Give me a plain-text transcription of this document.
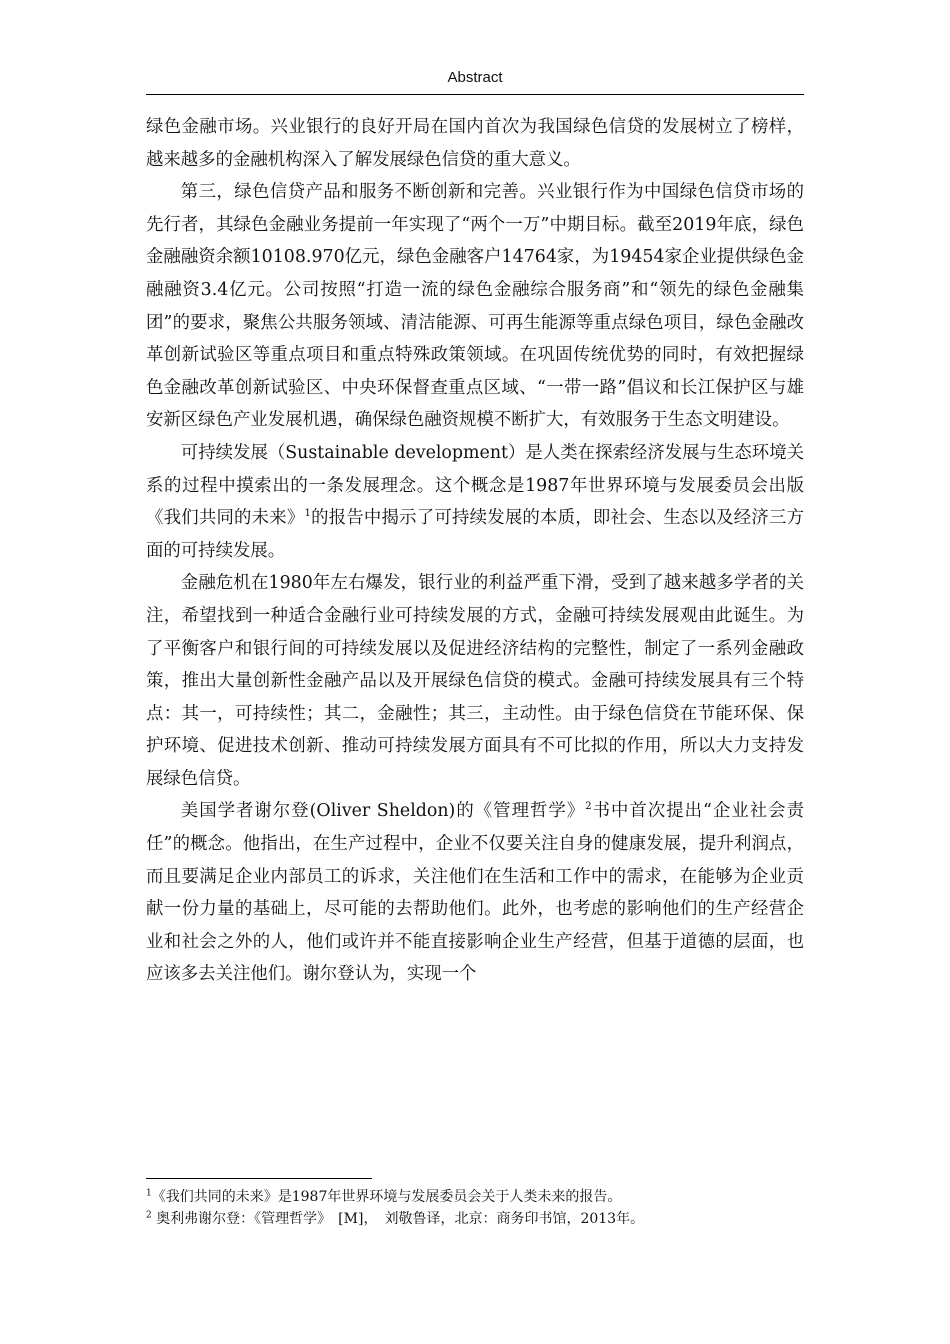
Abstract

绿色金融市场。兴业银行的良好开局在国内首次为我国绿色信贷的发展树立了榜样，越来越多的金融机构深入了解发展绿色信贷的重大意义。

第三，绿色信贷产品和服务不断创新和完善。兴业银行作为中国绿色信贷市场的先行者，其绿色金融业务提前一年实现了“两个一万”中期目标。截至2019年底，绿色金融融资余额10108.970亿元，绿色金融客户14764家，为19454家企业提供绿色金融融资3.4亿元。公司按照“打造一流的绿色金融综合服务商”和“领先的绿色金融集团”的要求，聚焦公共服务领域、清洁能源、可再生能源等重点绿色项目，绿色金融改革创新试验区等重点项目和重点特殊政策领域。在巩固传统优势的同时，有效把握绿色金融改革创新试验区、中央环保督查重点区域、“一带一路”倡议和长江保护区与雄安新区绿色产业发展机遇，确保绿色融资规模不断扩大，有效服务于生态文明建设。

可持续发展（Sustainable development）是人类在探索经济发展与生态环境关系的过程中摸索出的一条发展理念。这个概念是1987年世界环境与发展委员会出版《我们共同的未来》$^1$的报告中揭示了可持续发展的本质，即社会、生态以及经济三方面的可持续发展。

金融危机在1980年左右爆发，银行业的利益严重下滑，受到了越来越多学者的关注，希望找到一种适合金融行业可持续发展的方式，金融可持续发展观由此诞生。为了平衡客户和银行间的可持续发展以及促进经济结构的完整性，制定了一系列金融政策，推出大量创新性金融产品以及开展绿色信贷的模式。金融可持续发展具有三个特点：其一，可持续性；其二，金融性；其三，主动性。由于绿色信贷在节能环保、保护环境、促进技术创新、推动可持续发展方面具有不可比拟的作用，所以大力支持发展绿色信贷。

美国学者谢尔登(Oliver Sheldon)的《管理哲学》$^2$书中首次提出“企业社会责任”的概念。他指出，在生产过程中，企业不仅要关注自身的健康发展，提升利润点，而且要满足企业内部员工的诉求，关注他们在生活和工作中的需求，在能够为企业贡献一份力量的基础上，尽可能的去帮助他们。此外，也考虑的影响他们的生产经营企业和社会之外的人，他们或许并不能直接影响企业生产经营，但基于道德的层面，也应该多去关注他们。谢尔登认为，实现一个

$^1$《我们共同的未来》是1987年世界环境与发展委员会关于人类未来的报告。
$^2$ 奥利弗谢尔登：《管理哲学》　[M]，　刘敬鲁译，北京：商务印书馆，2013年。
